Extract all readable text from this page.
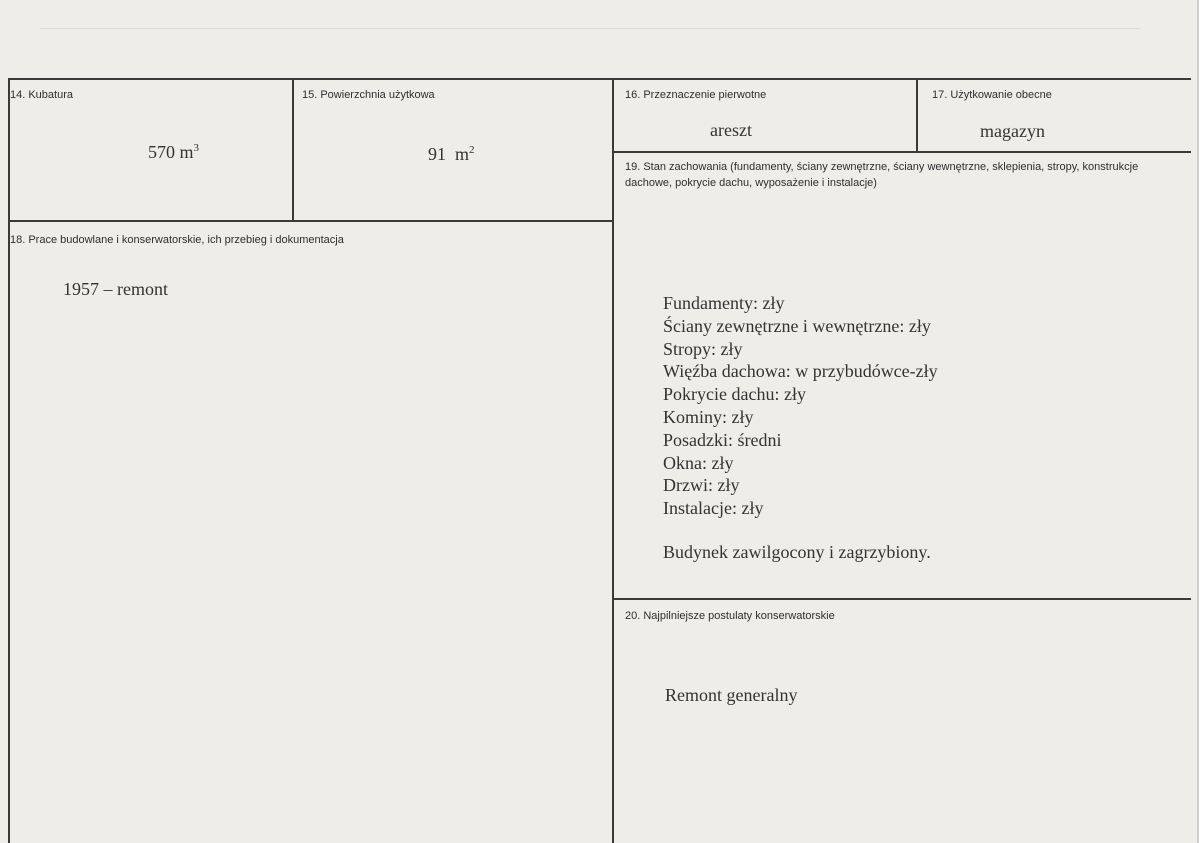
14. Kubatura
570 $m^3$
15. Powierzchnia użytkowa
91  $m^2$
16. Przeznaczenie pierwotne
areszt
17. Użytkowanie obecne
magazyn
18. Prace budowlane i konserwatorskie, ich przebieg i dokumentacja
1957 – remont
19. Stan zachowania (fundamenty, ściany zewnętrzne, ściany wewnętrzne, sklepienia, stropy, konstrukcje dachowe, pokrycie dachu, wyposażenie i instalacje)
Fundamenty: zły
Ściany zewnętrzne i wewnętrzne: zły
Stropy: zły
Więźba dachowa: w przybudówce-zły
Pokrycie dachu: zły
Kominy: zły
Posadzki: średni
Okna: zły
Drzwi: zły
Instalacje: zły
Budynek zawilgocony i zagrzybiony.
20. Najpilniejsze postulaty konserwatorskie
Remont generalny
